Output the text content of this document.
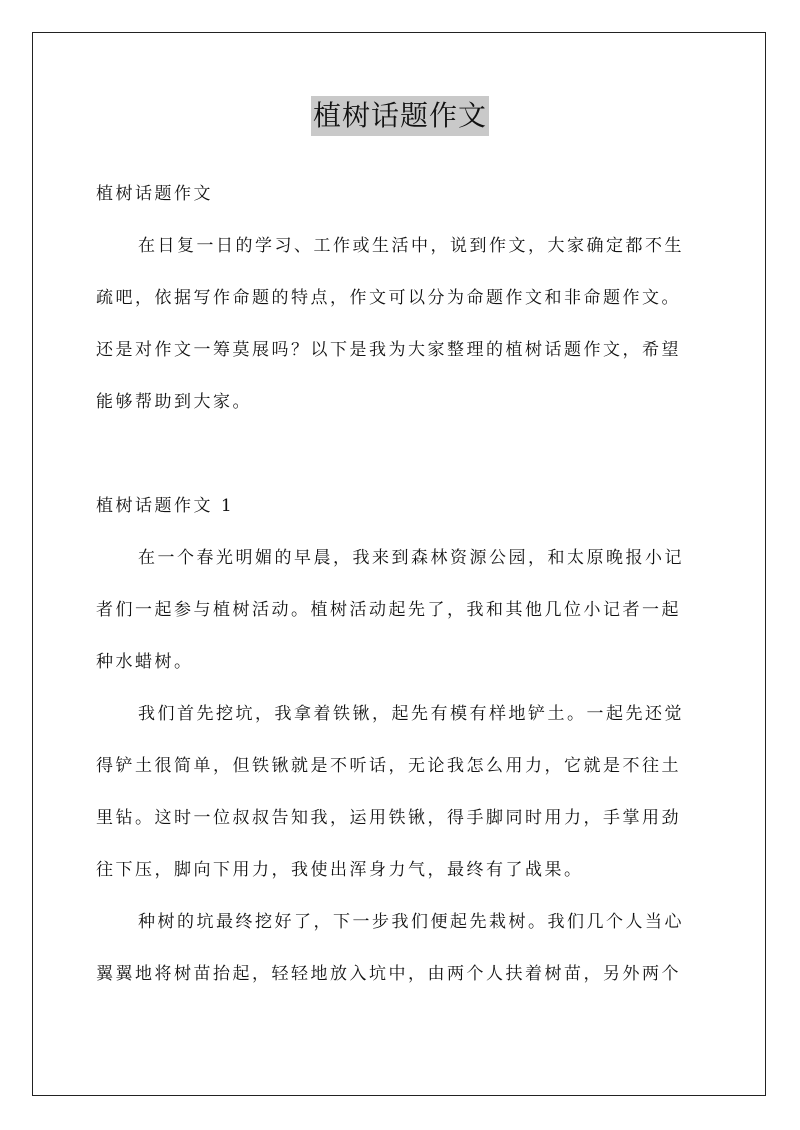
植树话题作文
植树话题作文
在日复一日的学习、工作或生活中，说到作文，大家确定都不生
疏吧，依据写作命题的特点，作文可以分为命题作文和非命题作文。
还是对作文一筹莫展吗？以下是我为大家整理的植树话题作文，希望
能够帮助到大家。
植树话题作文 1
在一个春光明媚的早晨，我来到森林资源公园，和太原晚报小记
者们一起参与植树活动。植树活动起先了，我和其他几位小记者一起
种水蜡树。
我们首先挖坑，我拿着铁锹，起先有模有样地铲土。一起先还觉
得铲土很简单，但铁锹就是不听话，无论我怎么用力，它就是不往土
里钻。这时一位叔叔告知我，运用铁锹，得手脚同时用力，手掌用劲
往下压，脚向下用力，我使出浑身力气，最终有了战果。
种树的坑最终挖好了，下一步我们便起先栽树。我们几个人当心
翼翼地将树苗抬起，轻轻地放入坑中，由两个人扶着树苗，另外两个
